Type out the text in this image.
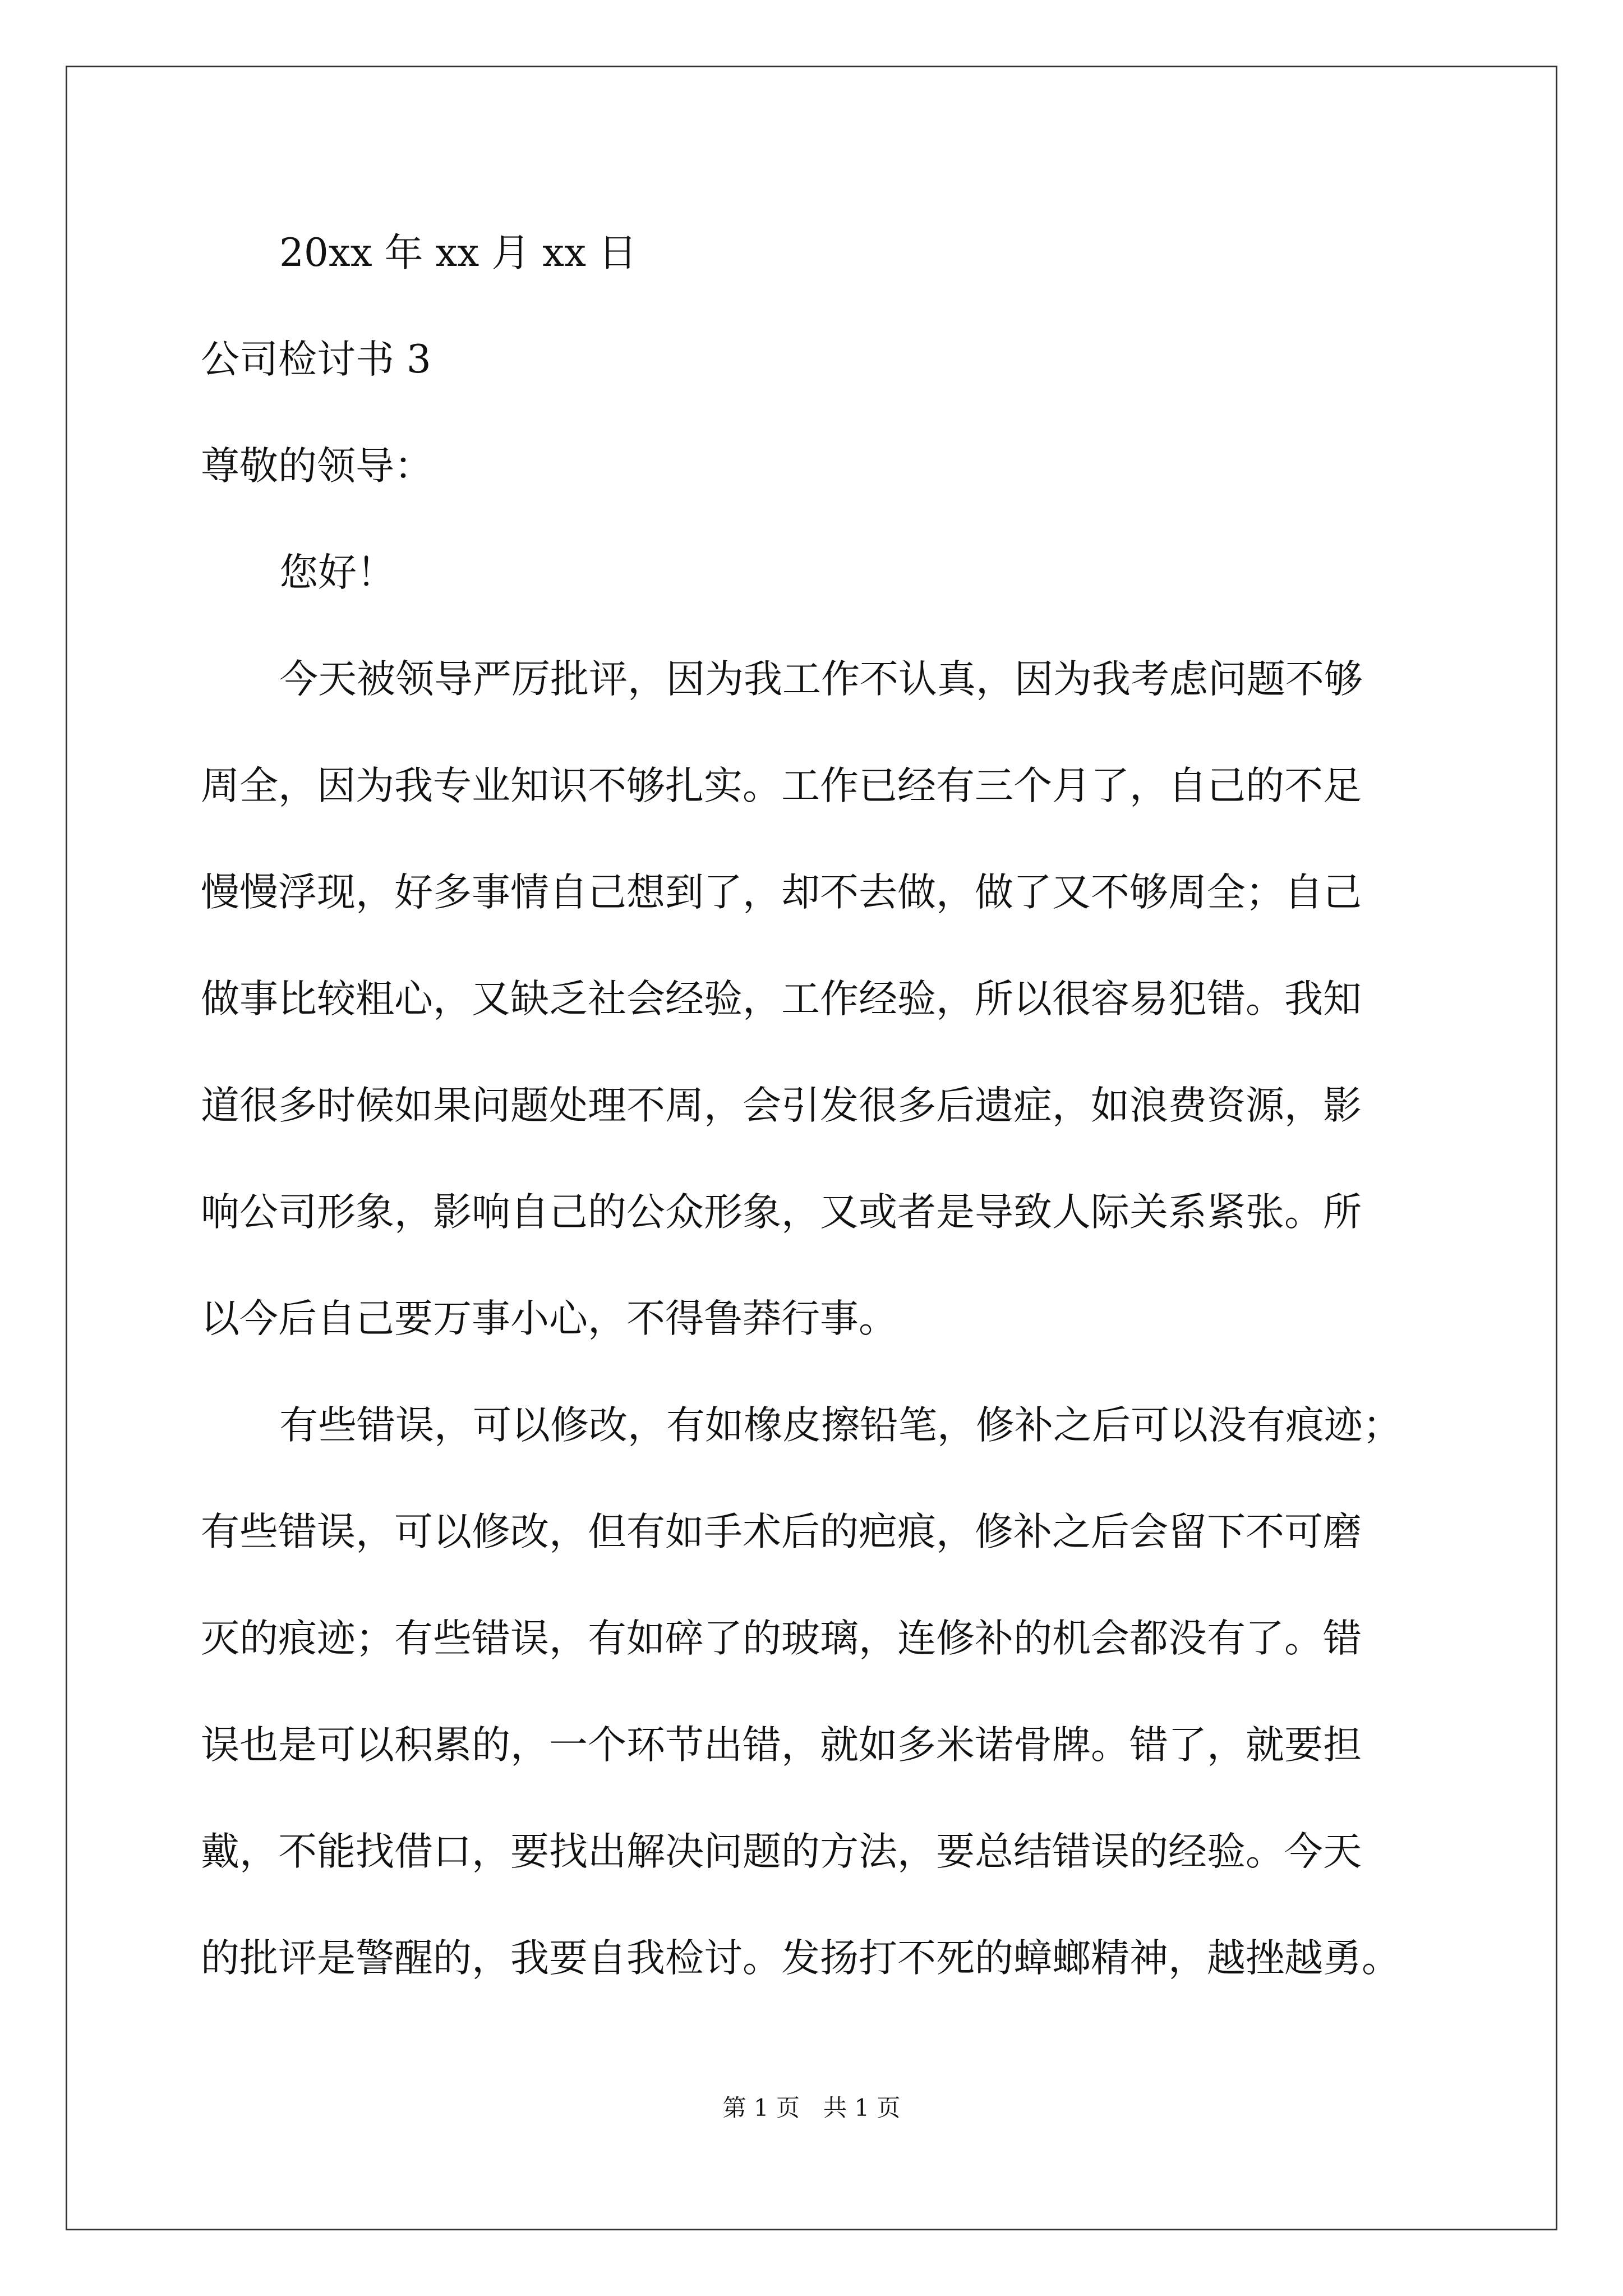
20xx 年 xx 月 xx 日
公司检讨书 3
尊敬的领导：
您好！
今天被领导严厉批评，因为我工作不认真，因为我考虑问题不够
周全，因为我专业知识不够扎实。工作已经有三个月了，自己的不足
慢慢浮现，好多事情自己想到了，却不去做，做了又不够周全；自己
做事比较粗心，又缺乏社会经验，工作经验，所以很容易犯错。我知
道很多时候如果问题处理不周，会引发很多后遗症，如浪费资源，影
响公司形象，影响自己的公众形象，又或者是导致人际关系紧张。所
以今后自己要万事小心，不得鲁莽行事。
有些错误，可以修改，有如橡皮擦铅笔，修补之后可以没有痕迹；
有些错误，可以修改，但有如手术后的疤痕，修补之后会留下不可磨
灭的痕迹；有些错误，有如碎了的玻璃，连修补的机会都没有了。错
误也是可以积累的，一个环节出错，就如多米诺骨牌。错了，就要担
戴，不能找借口，要找出解决问题的方法，要总结错误的经验。今天
的批评是警醒的，我要自我检讨。发扬打不死的蟑螂精神，越挫越勇。
第 1 页　共 1 页
